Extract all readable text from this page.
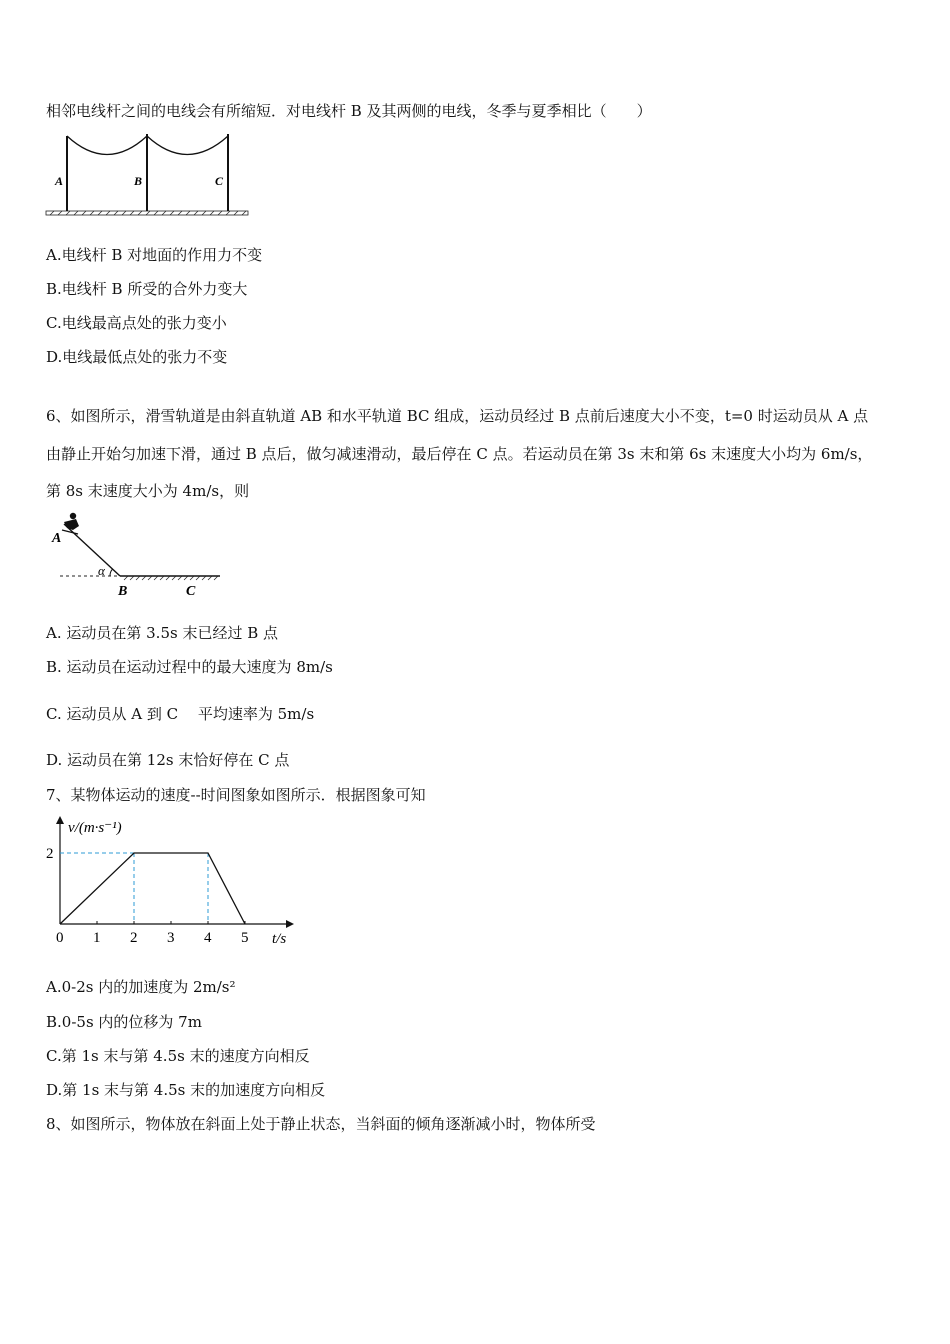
相邻电线杆之间的电线会有所缩短．对电线杆 B 及其两侧的电线，冬季与夏季相比（　　）
A	B	C
A.电线杆 B 对地面的作用力不变
B.电线杆 B 所受的合外力变大
C.电线最高点处的张力变小
D.电线最低点处的张力不变
6、如图所示，滑雪轨道是由斜直轨道 AB 和水平轨道 BC 组成，运动员经过 B 点前后速度大小不变，t=0 时运动员从 A 点
由静止开始匀加速下滑，通过 B 点后，做匀减速滑动，最后停在 C 点。若运动员在第 3s 末和第 6s 末速度大小均为 6m/s，
第 8s 末速度大小为 4m/s，则
A
α
B	C
A. 运动员在第 3.5s 末已经过 B 点
B. 运动员在运动过程中的最大速度为 8m/s
C. 运动员从 A 到 C　 平均速率为 5m/s
D. 运动员在第 12s 末恰好停在 C 点
7、某物体运动的速度--时间图象如图所示．根据图象可知
v/(m·s⁻¹)
t/s
0 1 2 3 4 5
2
A.0-2s 内的加速度为 2m/s²
B.0-5s 内的位移为 7m
C.第 1s 末与第 4.5s 末的速度方向相反
D.第 1s 末与第 4.5s 末的加速度方向相反
8、如图所示，物体放在斜面上处于静止状态，当斜面的倾角逐渐减小时，物体所受
